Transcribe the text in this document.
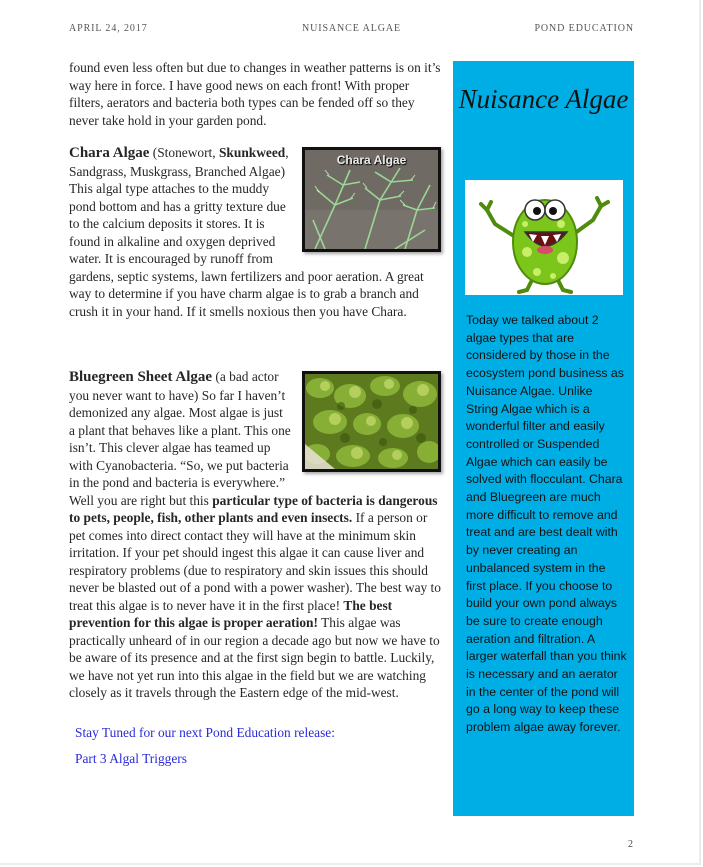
APRIL 24, 2017	NUISANCE ALGAE	POND EDUCATION

found even less often but due to changes in weather patterns is on it’s way here in force. I have good news on each front! With proper filters, aerators and bacteria both types can be fended off so they never take hold in your garden pond.

Chara Algae
Chara Algae (Stonewort, Skunkweed, Sandgrass, Muskgrass, Branched Algae) This algal type attaches to the muddy pond bottom and has a gritty texture due to the calcium deposits it stores. It is found in alkaline and oxygen deprived water. It is encouraged by runoff from gardens, septic systems, lawn fertilizers and poor aeration. A great way to determine if you have charm algae is to grab a branch and crush it in your hand. If it smells noxious then you have Chara.

Bluegreen Sheet Algae (a bad actor you never want to have) So far I haven’t demonized any algae. Most algae is just a plant that behaves like a plant. This one isn’t. This clever algae has teamed up with Cyanobacteria. “So, we put bacteria in the pond and bacteria is everywhere.” Well you are right but this particular type of bacteria is dangerous to pets, people, fish, other plants and even insects. If a person or pet comes into direct contact they will have at the minimum skin irritation. If your pet should ingest this algae it can cause liver and respiratory problems (due to respiratory and skin issues this should never be blasted out of a pond with a power washer). The best way to treat this algae is to never have it in the first place! The best prevention for this algae is proper aeration! This algae was practically unheard of in our region a decade ago but now we have to be aware of its presence and at the first sign begin to battle. Luckily, we have not yet run into this algae in the field but we are watching closely as it travels through the Eastern edge of the mid-west.

Stay Tuned for our next Pond Education release:
Part 3 Algal Triggers
Nuisance Algae
Today we talked about 2 algae types that are considered by those in the ecosystem pond business as Nuisance Algae. Unlike String Algae which is a wonderful filter and easily controlled or Suspended Algae which can easily be solved with flocculant. Chara and Bluegreen are much more difficult to remove and treat and are best dealt with by never creating an unbalanced system in the first place. If you choose to build your own pond always be sure to create enough aeration and filtration. A larger waterfall than you think is necessary and an aerator in the center of the pond will go a long way to keep these problem algae away forever.
2
